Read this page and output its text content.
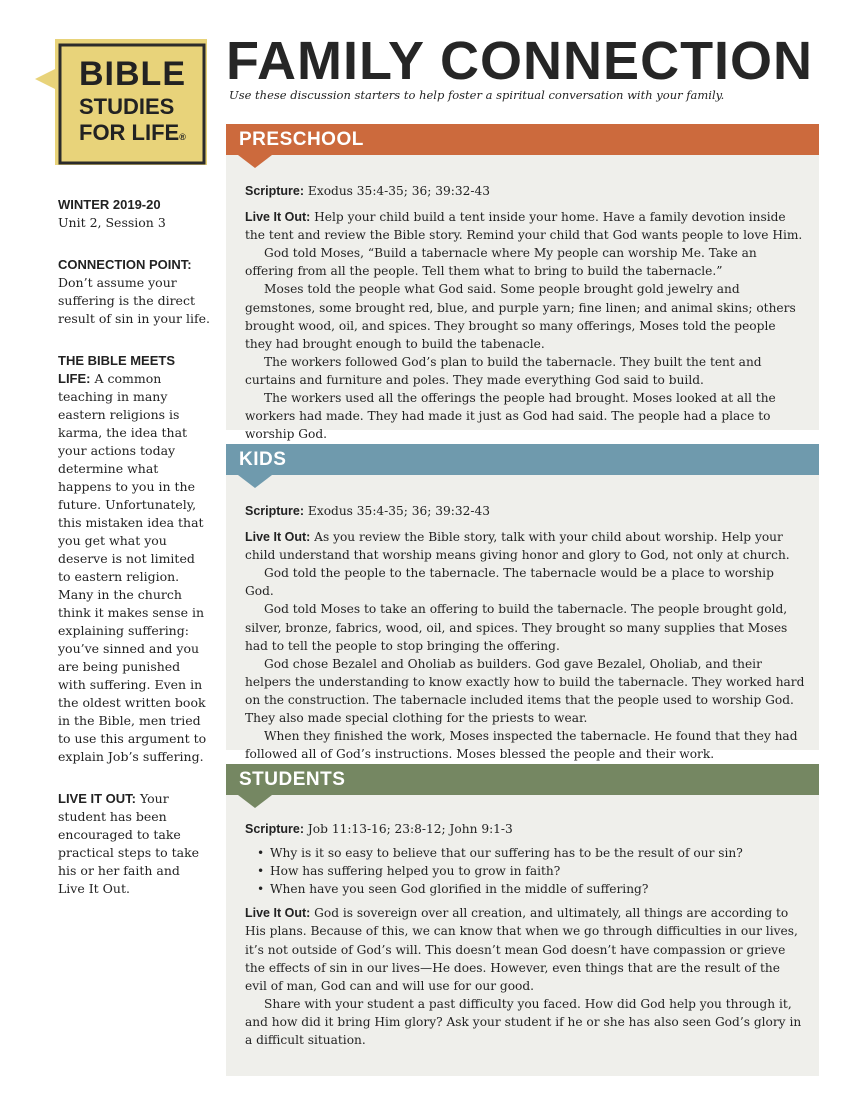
BIBLE
STUDIES
FOR LIFE®
FAMILY CONNECTION

Use these discussion starters to help foster a spiritual conversation with your family.

WINTER 2019-20
Unit 2, Session 3
CONNECTION POINT:
Don’t assume your suffering is the direct result of sin in your life.
THE BIBLE MEETS LIFE: A common teaching in many eastern religions is karma, the idea that your actions today determine what happens to you in the future. Unfortunately, this mistaken idea that you get what you deserve is not limited to eastern religion. Many in the church think it makes sense in explaining suffering: you’ve sinned and you are being punished with suffering. Even in the oldest written book in the Bible, men tried to use this argument to explain Job’s suffering.
LIVE IT OUT: Your student has been encouraged to take practical steps to take his or her faith and Live It Out.
PRESCHOOL

Scripture: Exodus 35:4-35; 36; 39:32-43

Live It Out: Help your child build a tent inside your home. Have a family devotion inside the tent and review the Bible story. Remind your child that God wants people to love Him.

God told Moses, “Build a tabernacle where My people can worship Me. Take an offering from all the people. Tell them what to bring to build the tabernacle.”

Moses told the people what God said. Some people brought gold jewelry and gemstones, some brought red, blue, and purple yarn; fine linen; and animal skins; others brought wood, oil, and spices. They brought so many offerings, Moses told the people they had brought enough to build the tabenacle.

The workers followed God’s plan to build the tabernacle. They built the tent and curtains and furniture and poles. They made everything God said to build.

The workers used all the offerings the people had brought. Moses looked at all the workers had made. They had made it just as God had said. The people had a place to worship God.

KIDS

Scripture: Exodus 35:4-35; 36; 39:32-43

Live It Out: As you review the Bible story, talk with your child about worship. Help your child understand that worship means giving honor and glory to God, not only at church.

God told the people to the tabernacle. The tabernacle would be a place to worship God.

God told Moses to take an offering to build the tabernacle. The people brought gold, silver, bronze, fabrics, wood, oil, and spices. They brought so many supplies that Moses had to tell the people to stop bringing the offering.

God chose Bezalel and Oholiab as builders. God gave Bezalel, Oholiab, and their helpers the understanding to know exactly how to build the tabernacle. They worked hard on the construction. The tabernacle included items that the people used to worship God. They also made special clothing for the priests to wear.

When they finished the work, Moses inspected the tabernacle. He found that they had followed all of God’s instructions. Moses blessed the people and their work.

STUDENTS

Scripture: Job 11:13-16; 23:8-12; John 9:1-3

• Why is it so easy to believe that our suffering has to be the result of our sin?
• How has suffering helped you to grow in faith?
• When have you seen God glorified in the middle of suffering?

Live It Out: God is sovereign over all creation, and ultimately, all things are according to His plans. Because of this, we can know that when we go through difficulties in our lives, it’s not outside of God’s will. This doesn’t mean God doesn’t have compassion or grieve the effects of sin in our lives—He does. However, even things that are the result of the evil of man, God can and will use for our good.

Share with your student a past difficulty you faced. How did God help you through it, and how did it bring Him glory? Ask your student if he or she has also seen God’s glory in a difficult situation.
